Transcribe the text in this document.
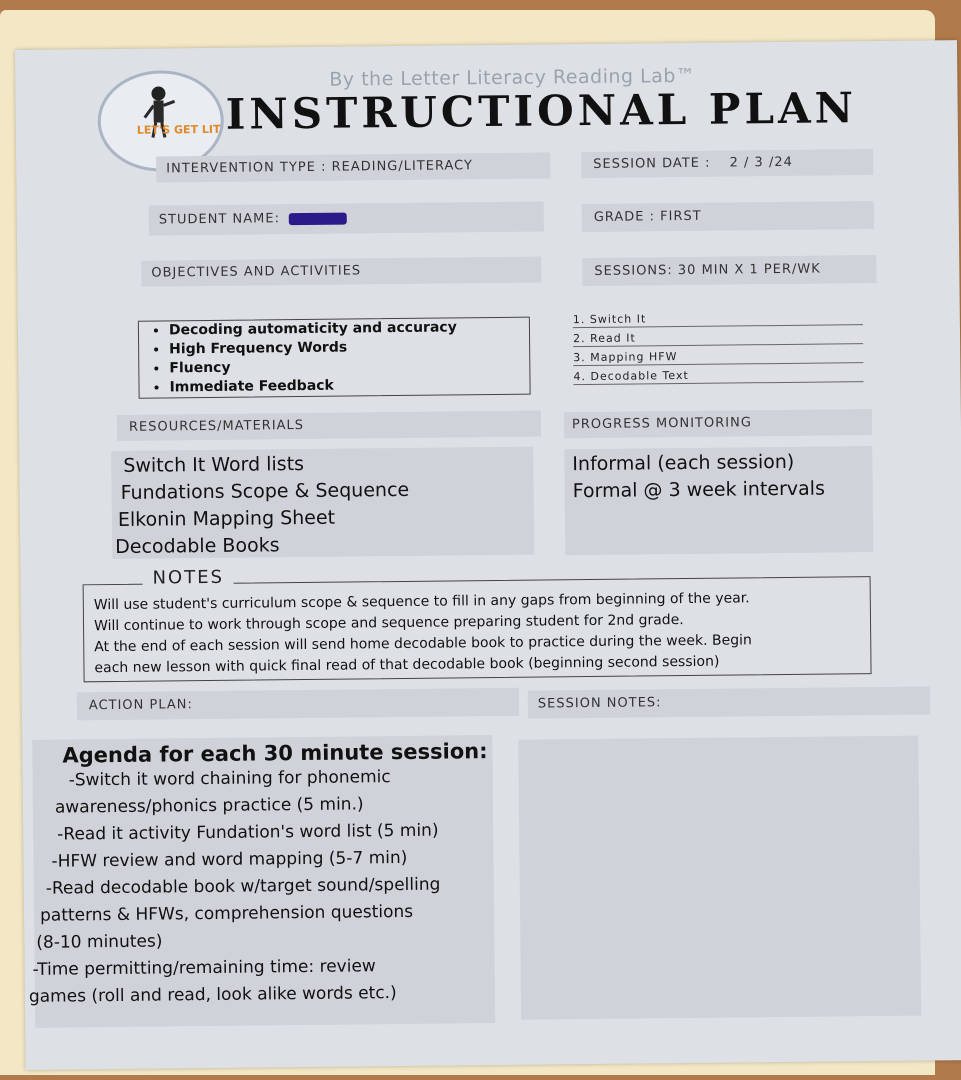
LET'S GET LIT
By the Letter Literacy Reading Lab™
INSTRUCTIONAL PLAN
INTERVENTION TYPE : READING/LITERACY	SESSION DATE : 2 / 3 /24
STUDENT NAME:	GRADE : FIRST
OBJECTIVES AND ACTIVITIES	SESSIONS: 30 MIN X 1 PER/WK
• Decoding automaticity and accuracy
• High Frequency Words
• Fluency
• Immediate Feedback
1. Switch It
2. Read It
3. Mapping HFW
4. Decodable Text
RESOURCES/MATERIALS	PROGRESS MONITORING
Switch It Word lists
Fundations Scope & Sequence
Elkonin Mapping Sheet
Decodable Books
Informal (each session)
Formal @ 3 week intervals
Will use student's curriculum scope & sequence to fill in any gaps from beginning of the year.
Will continue to work through scope and sequence preparing student for 2nd grade.
At the end of each session will send home decodable book to practice during the week. Begin
each new lesson with quick final read of that decodable book (beginning second session)
NOTES
ACTION PLAN:	SESSION NOTES:
Agenda for each 30 minute session:
-Switch it word chaining for phonemic
awareness/phonics practice (5 min.)
-Read it activity Fundation's word list (5 min)
-HFW review and word mapping (5-7 min)
-Read decodable book w/target sound/spelling
patterns & HFWs, comprehension questions
(8-10 minutes)
-Time permitting/remaining time: review
games (roll and read, look alike words etc.)
